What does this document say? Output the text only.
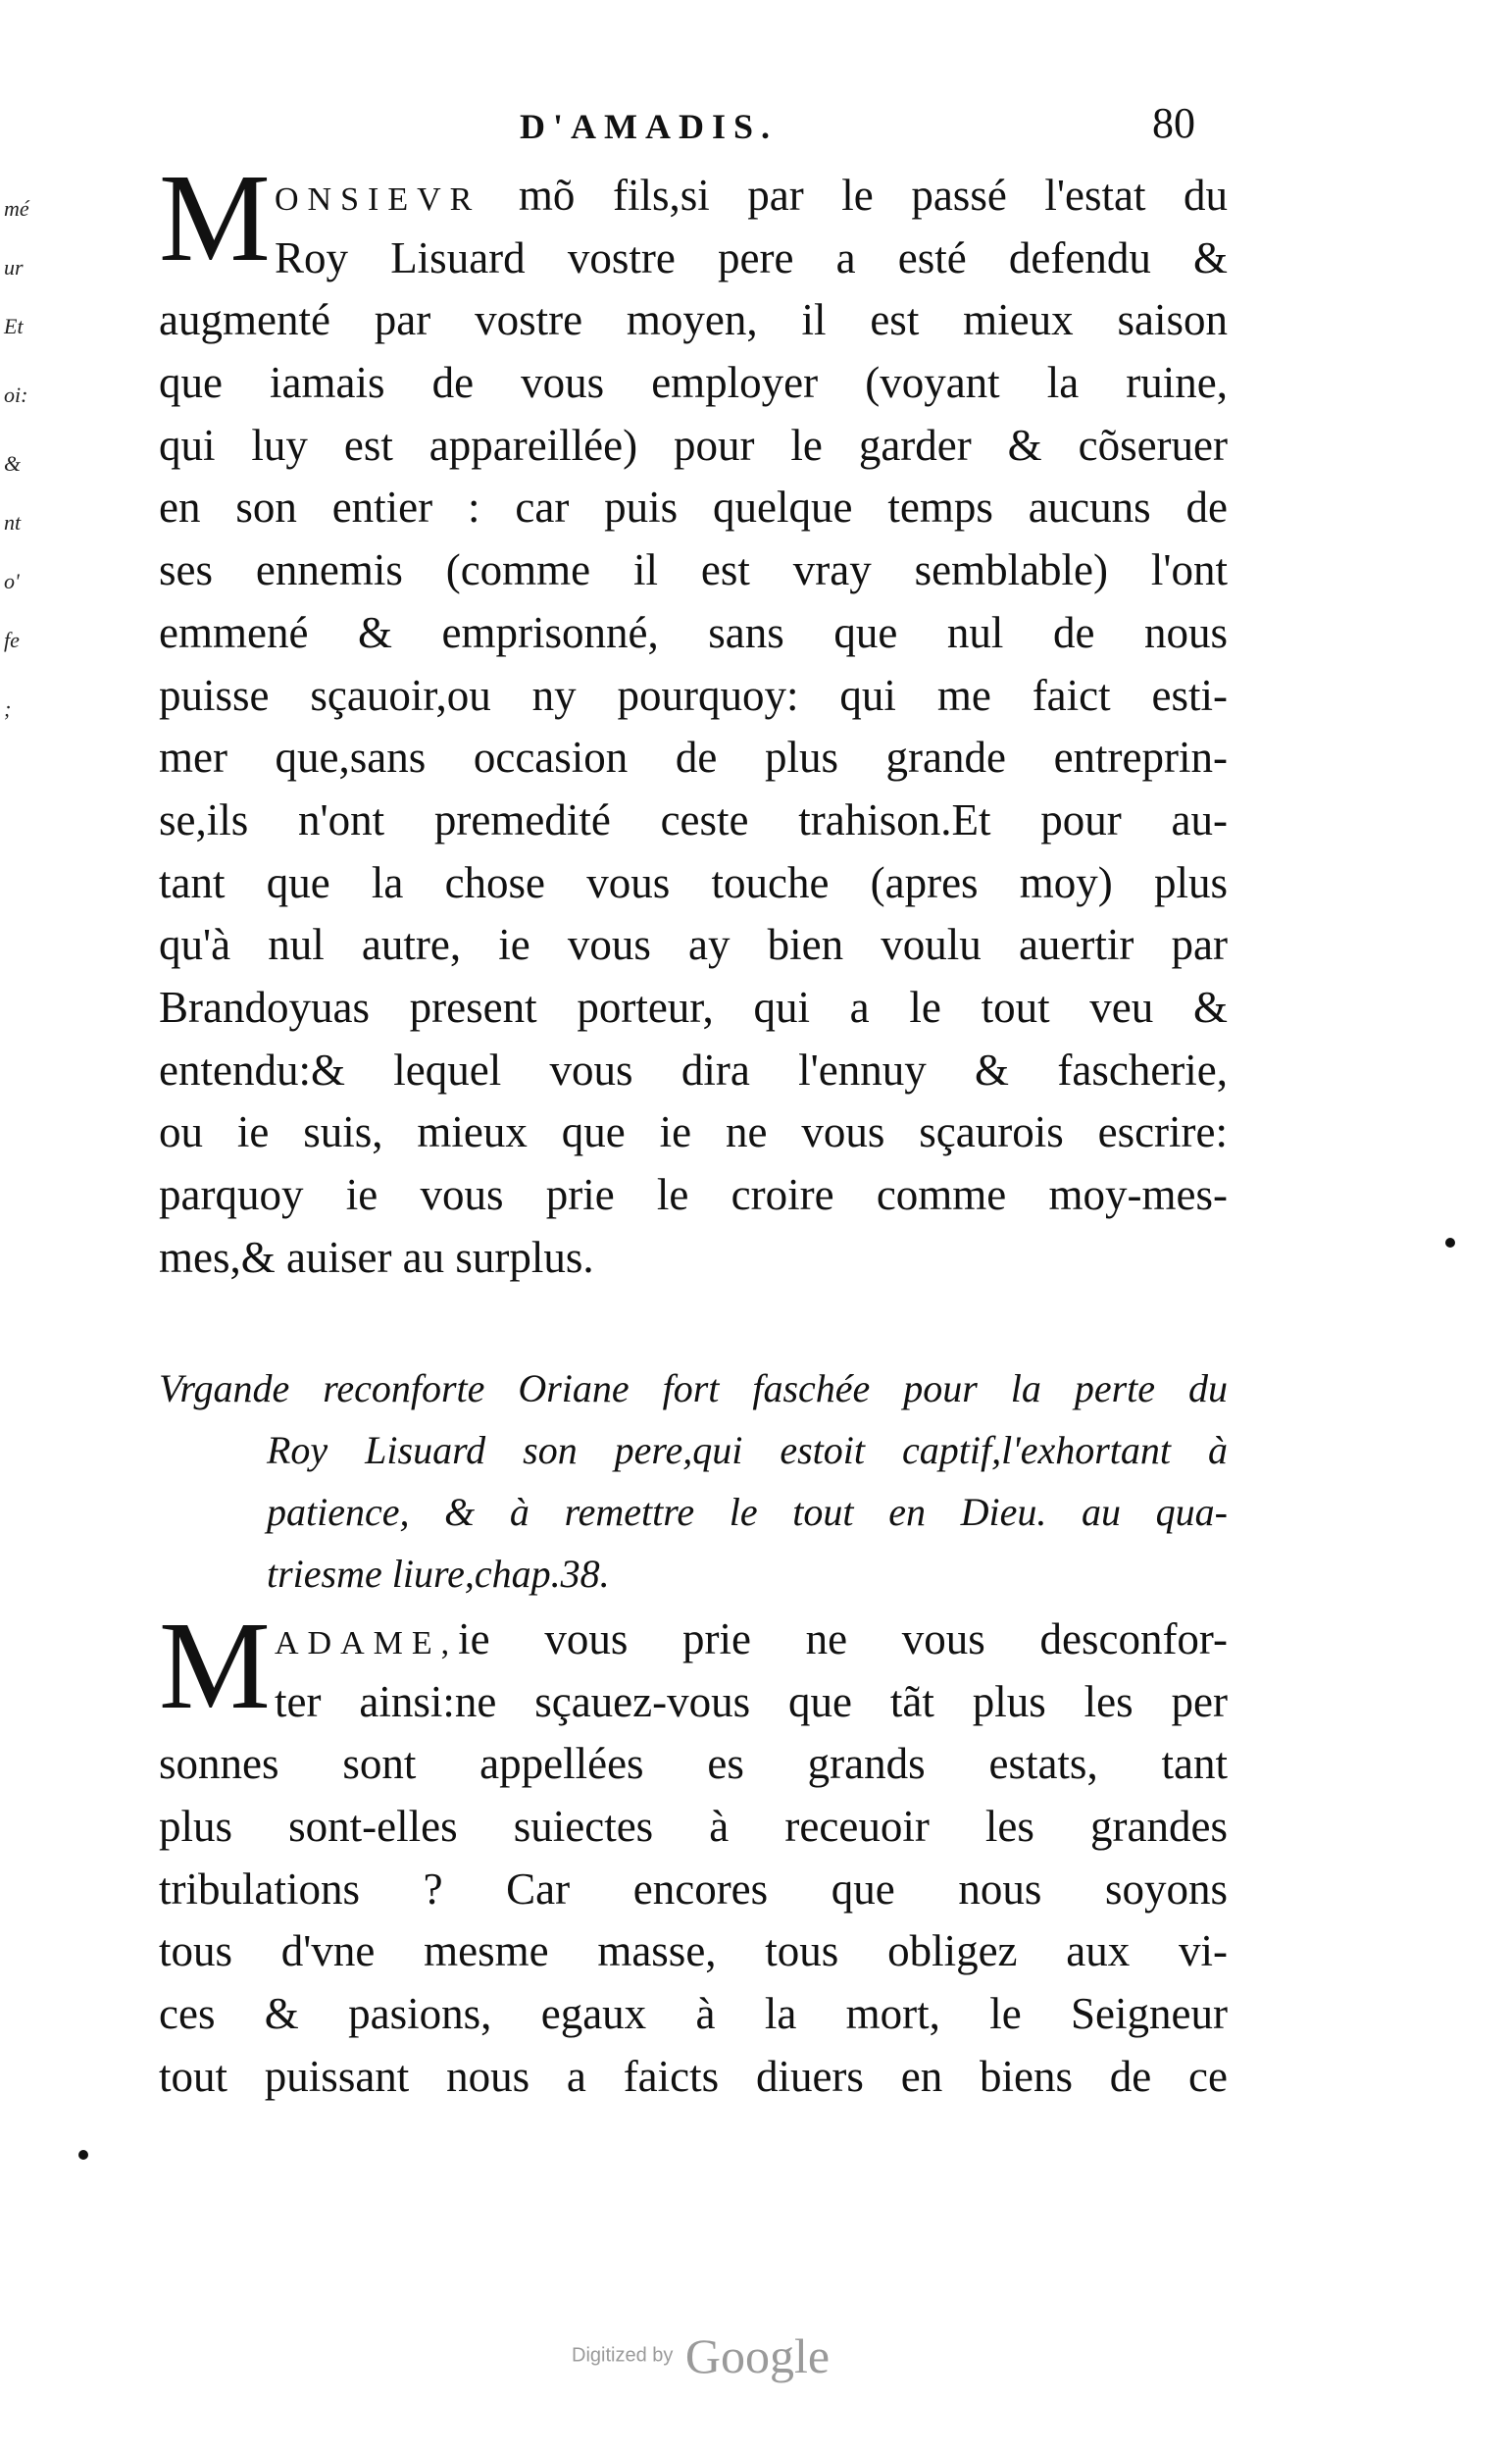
mé
ur
Et
oi:
&
nt
o'
fe
;
D'AMADIS.	80
M ONSIEVR mõ fils,si par le passé l'estat du
Roy Lisuard vostre pere a esté defendu &
augmenté par vostre moyen, il est mieux saison
que iamais de vous employer (voyant la ruine,
qui luy est appareillée) pour le garder & cõseruer
en son entier : car puis quelque temps aucuns de
ses ennemis (comme il est vray semblable) l'ont
emmené & emprisonné, sans que nul de nous
puisse sçauoir,ou ny pourquoy: qui me faict esti-
mer que,sans occasion de plus grande entreprin-
se,ils n'ont premedité ceste trahison.Et pour au-
tant que la chose vous touche (apres moy) plus
qu'à nul autre, ie vous ay bien voulu auertir par
Brandoyuas present porteur, qui a le tout veu &
entendu:& lequel vous dira l'ennuy & fascherie,
ou ie suis, mieux que ie ne vous sçaurois escrire:
parquoy ie vous prie le croire comme moy-mes-
mes,& auiser au surplus.
Vrgande reconforte Oriane fort faschée pour la perte du
Roy Lisuard son pere,qui estoit captif,l'exhortant à
patience, & à remettre le tout en Dieu. au qua-
triesme liure,chap.38.
M ADAME,ie vous prie ne vous desconfor-
ter ainsi:ne sçauez-vous que tãt plus les per
sonnes sont appellées es grands estats, tant
plus sont-elles suiectes à receuoir les grandes
tribulations ? Car encores que nous soyons
tous d'vne mesme masse, tous obligez aux vi-
ces & pasions, egaux à la mort, le Seigneur
tout puissant nous a faicts diuers en biens de ce
Digitized by Google
